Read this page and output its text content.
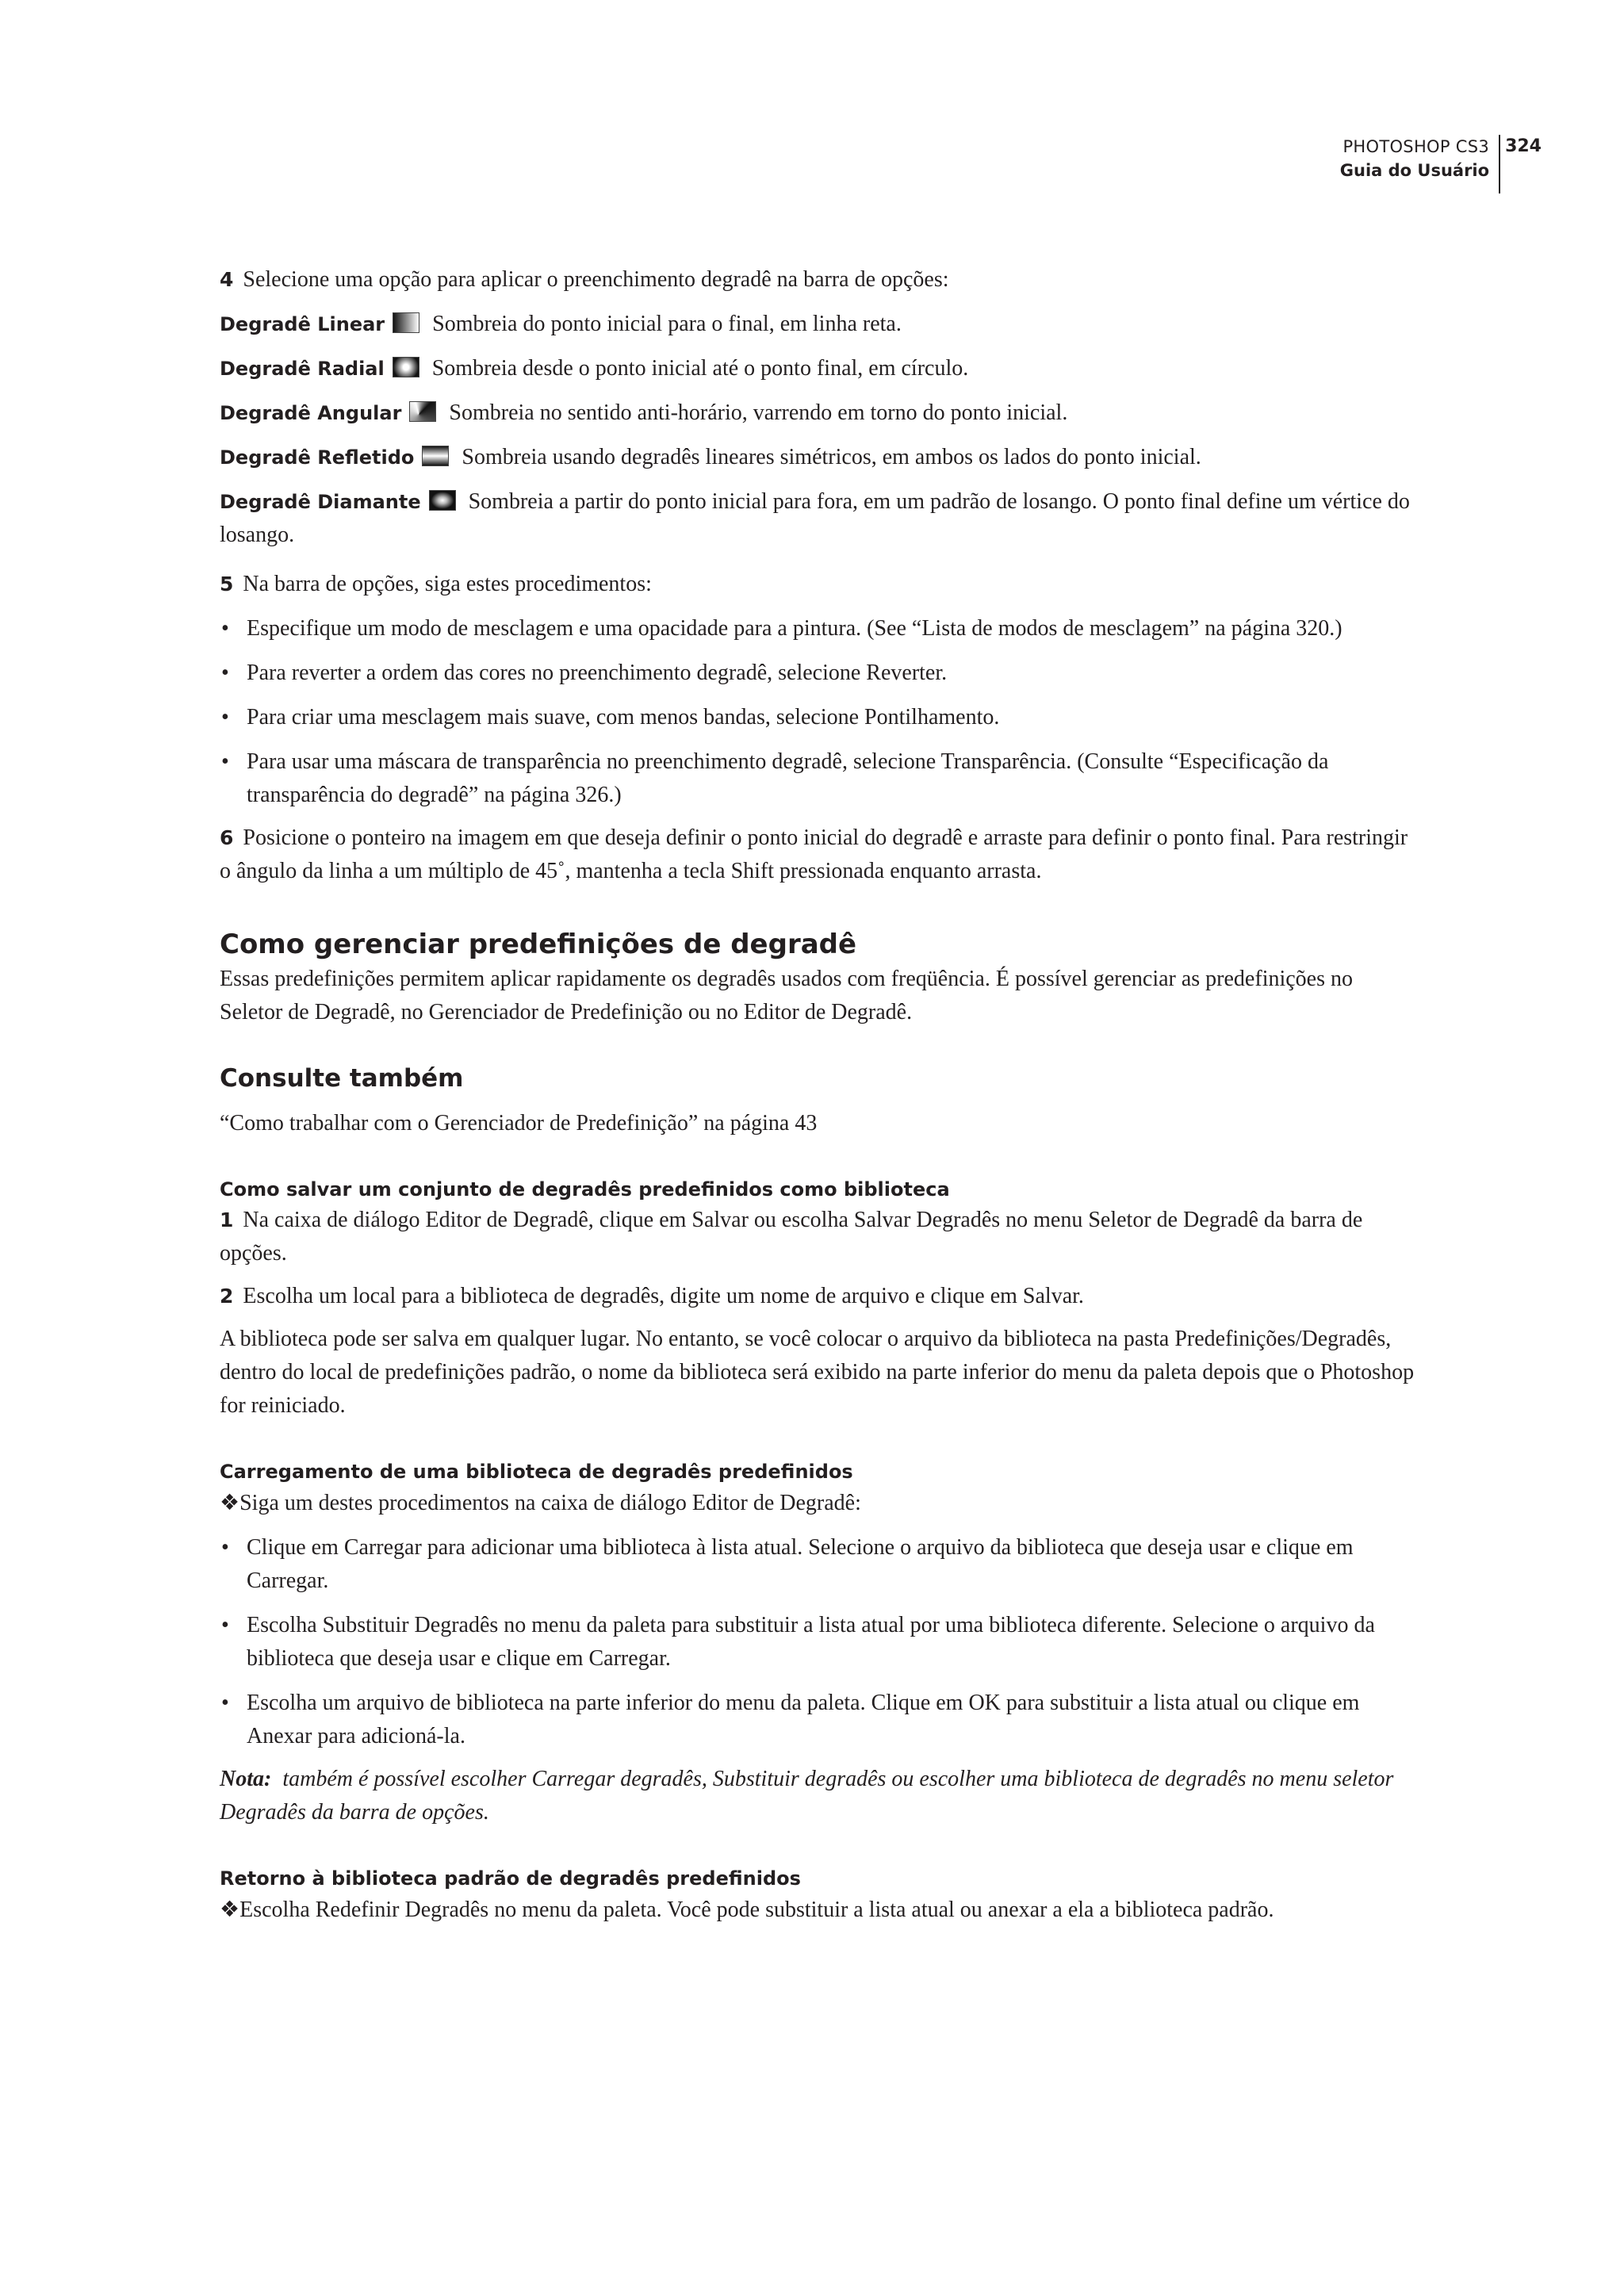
PHOTOSHOP CS3
Guia do Usuário
324

4 Selecione uma opção para aplicar o preenchimento degradê na barra de opções:

Degradê Linear Sombreia do ponto inicial para o final, em linha reta.

Degradê Radial Sombreia desde o ponto inicial até o ponto final, em círculo.

Degradê Angular Sombreia no sentido anti-horário, varrendo em torno do ponto inicial.

Degradê Refletido Sombreia usando degradês lineares simétricos, em ambos os lados do ponto inicial.

Degradê Diamante Sombreia a partir do ponto inicial para fora, em um padrão de losango. O ponto final define um vértice do losango.

5 Na barra de opções, siga estes procedimentos:

• Especifique um modo de mesclagem e uma opacidade para a pintura. (See “Lista de modos de mesclagem” na página 320.)

• Para reverter a ordem das cores no preenchimento degradê, selecione Reverter.

• Para criar uma mesclagem mais suave, com menos bandas, selecione Pontilhamento.

• Para usar uma máscara de transparência no preenchimento degradê, selecione Transparência. (Consulte “Especificação da transparência do degradê” na página 326.)

6 Posicione o ponteiro na imagem em que deseja definir o ponto inicial do degradê e arraste para definir o ponto final. Para restringir o ângulo da linha a um múltiplo de 45˚, mantenha a tecla Shift pressionada enquanto arrasta.

Como gerenciar predefinições de degradê

Essas predefinições permitem aplicar rapidamente os degradês usados com freqüência. É possível gerenciar as predefinições no Seletor de Degradê, no Gerenciador de Predefinição ou no Editor de Degradê.

Consulte também

“Como trabalhar com o Gerenciador de Predefinição” na página 43

Como salvar um conjunto de degradês predefinidos como biblioteca

1 Na caixa de diálogo Editor de Degradê, clique em Salvar ou escolha Salvar Degradês no menu Seletor de Degradê da barra de opções.

2 Escolha um local para a biblioteca de degradês, digite um nome de arquivo e clique em Salvar.

A biblioteca pode ser salva em qualquer lugar. No entanto, se você colocar o arquivo da biblioteca na pasta Predefinições/Degradês, dentro do local de predefinições padrão, o nome da biblioteca será exibido na parte inferior do menu da paleta depois que o Photoshop for reiniciado.

Carregamento de uma biblioteca de degradês predefinidos

❖Siga um destes procedimentos na caixa de diálogo Editor de Degradê:

• Clique em Carregar para adicionar uma biblioteca à lista atual. Selecione o arquivo da biblioteca que deseja usar e clique em Carregar.

• Escolha Substituir Degradês no menu da paleta para substituir a lista atual por uma biblioteca diferente. Selecione o arquivo da biblioteca que deseja usar e clique em Carregar.

• Escolha um arquivo de biblioteca na parte inferior do menu da paleta. Clique em OK para substituir a lista atual ou clique em Anexar para adicioná-la.

Nota: também é possível escolher Carregar degradês, Substituir degradês ou escolher uma biblioteca de degradês no menu seletor Degradês da barra de opções.

Retorno à biblioteca padrão de degradês predefinidos

❖Escolha Redefinir Degradês no menu da paleta. Você pode substituir a lista atual ou anexar a ela a biblioteca padrão.
